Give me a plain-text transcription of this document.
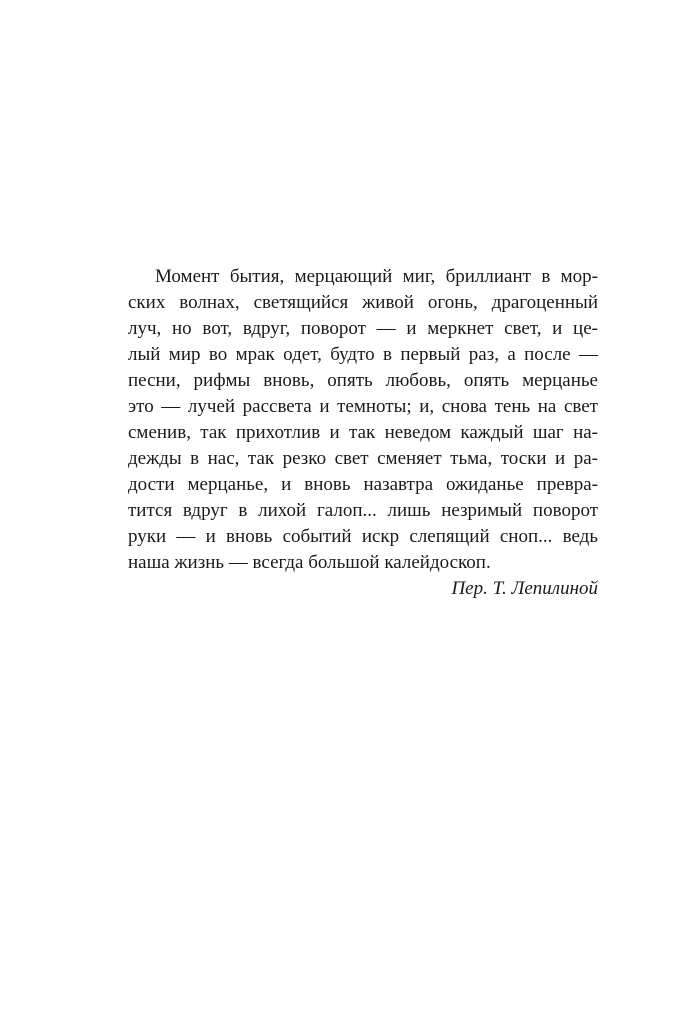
Момент бытия, мерцающий миг, бриллиант в мор-
ских волнах, светящийся живой огонь, драгоценный
луч, но вот, вдруг, поворот — и меркнет свет, и це-
лый мир во мрак одет, будто в первый раз, а после —
песни, рифмы вновь, опять любовь, опять мерцанье
это — лучей рассвета и темноты; и, снова тень на свет
сменив, так прихотлив и так неведом каждый шаг на-
дежды в нас, так резко свет сменяет тьма, тоски и ра-
дости мерцанье, и вновь назавтра ожиданье превра-
тится вдруг в лихой галоп... лишь незримый поворот
руки — и вновь событий искр слепящий сноп... ведь
наша жизнь — всегда большой калейдоскоп.
Пер. Т. Лепилиной
